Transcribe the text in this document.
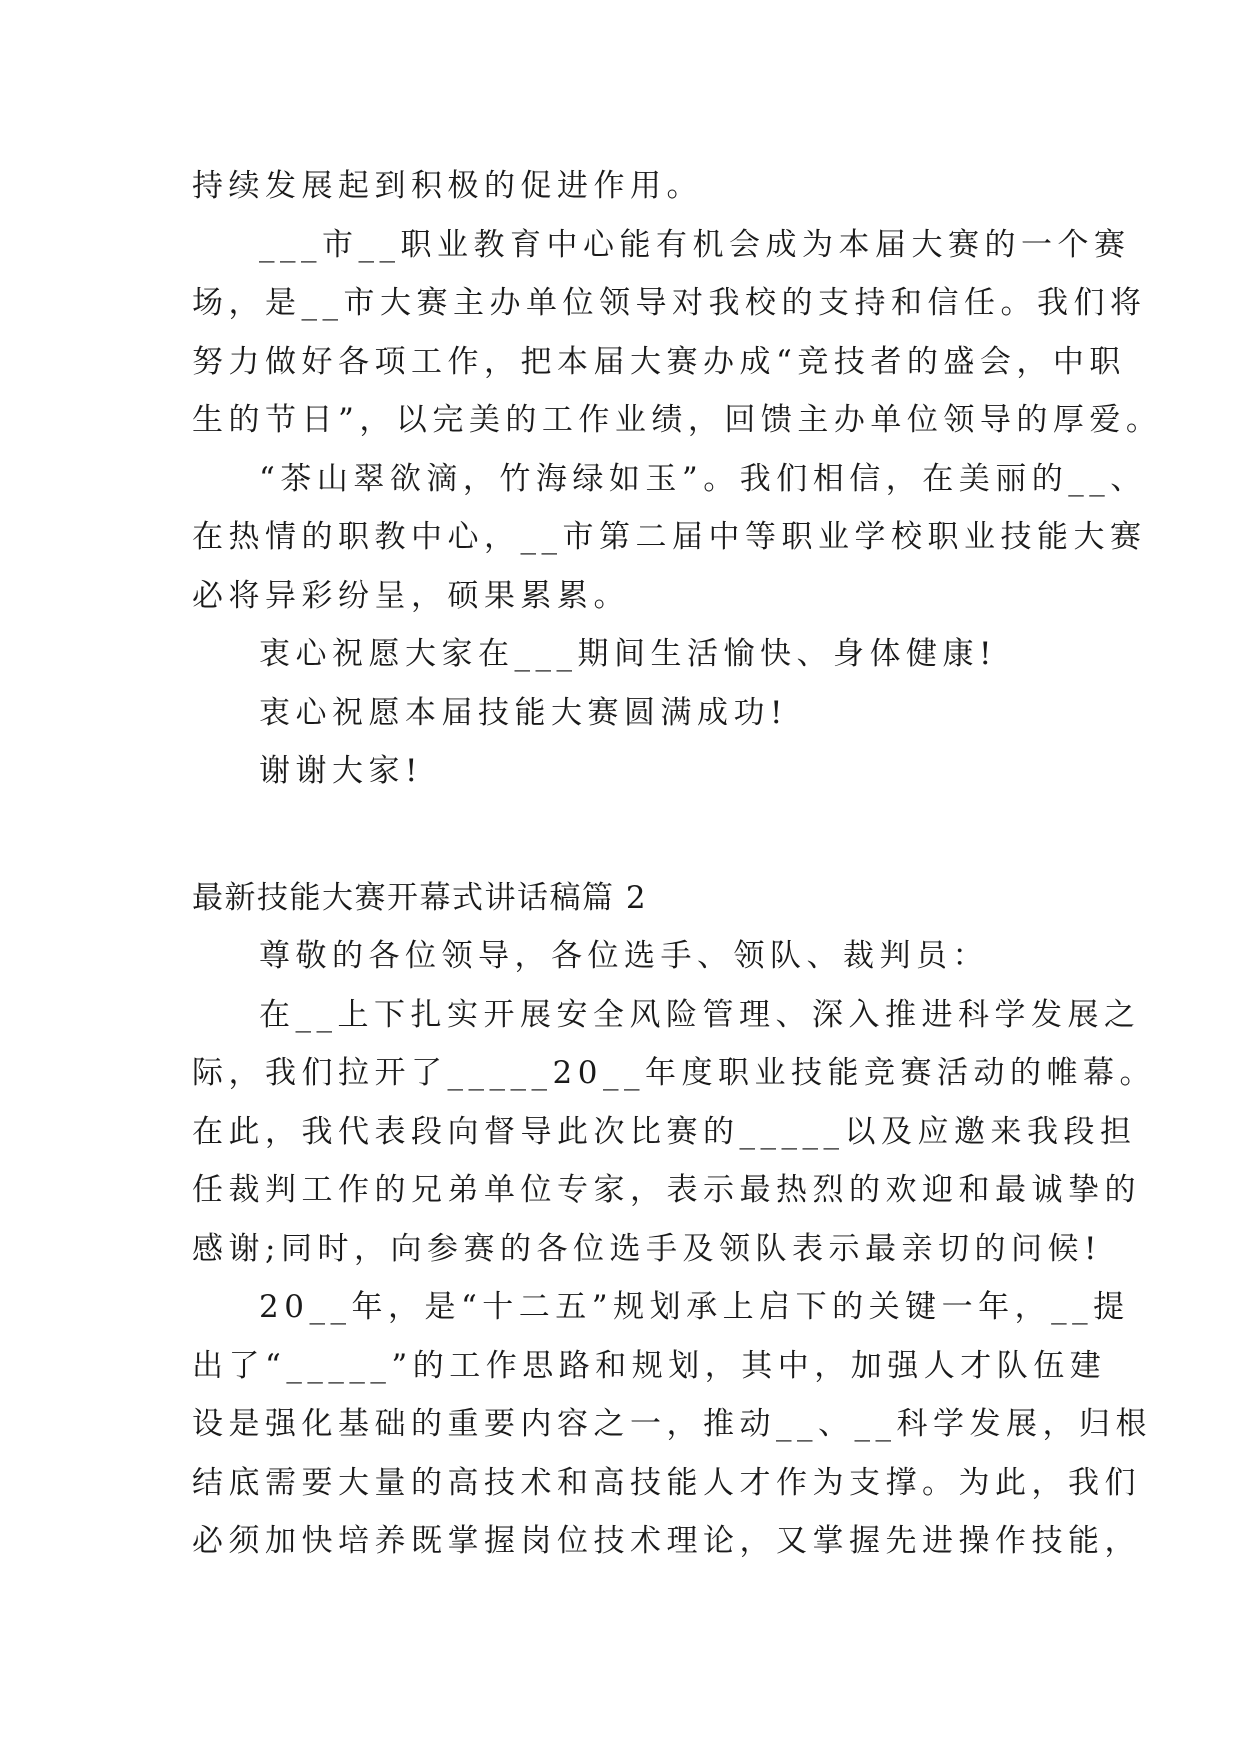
持续发展起到积极的促进作用。
___市__职业教育中心能有机会成为本届大赛的一个赛
场，是__市大赛主办单位领导对我校的支持和信任。我们将
努力做好各项工作，把本届大赛办成“竞技者的盛会，中职
生的节日”，以完美的工作业绩，回馈主办单位领导的厚爱。
“茶山翠欲滴，竹海绿如玉”。我们相信，在美丽的__、
在热情的职教中心，__市第二届中等职业学校职业技能大赛
必将异彩纷呈，硕果累累。
衷心祝愿大家在___期间生活愉快、身体健康!
衷心祝愿本届技能大赛圆满成功!
谢谢大家!
最新技能大赛开幕式讲话稿篇 2
尊敬的各位领导，各位选手、领队、裁判员：
在__上下扎实开展安全风险管理、深入推进科学发展之
际，我们拉开了_____20__年度职业技能竞赛活动的帷幕。
在此，我代表段向督导此次比赛的_____以及应邀来我段担
任裁判工作的兄弟单位专家，表示最热烈的欢迎和最诚挚的
感谢;同时，向参赛的各位选手及领队表示最亲切的问候!
20__年，是“十二五”规划承上启下的关键一年，__提
出了“_____”的工作思路和规划，其中，加强人才队伍建
设是强化基础的重要内容之一，推动__、__科学发展，归根
结底需要大量的高技术和高技能人才作为支撑。为此，我们
必须加快培养既掌握岗位技术理论，又掌握先进操作技能，
